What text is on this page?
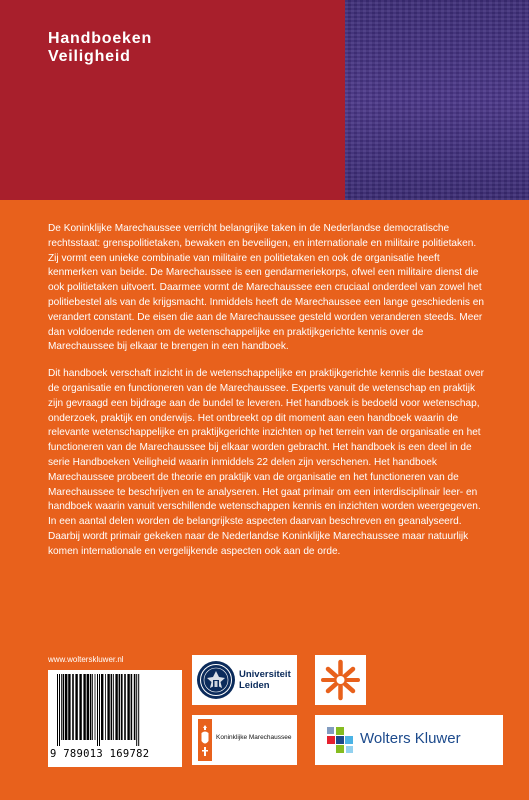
Handboeken
Veiligheid

De Koninklijke Marechaussee verricht belangrijke taken in de Nederlandse democratische rechtsstaat: grenspolitietaken, bewaken en beveiligen, en internationale en militaire politietaken. Zij vormt een unieke combinatie van militaire en politietaken en ook de organisatie heeft kenmerken van beide. De Marechaussee is een gendarmeriekorps, ofwel een militaire dienst die ook politietaken uitvoert. Daarmee vormt de Marechaussee een cruciaal onderdeel van zowel het politiebestel als van de krijgsmacht. Inmiddels heeft de Marechaussee een lange geschiedenis en verandert constant. De eisen die aan de Marechaussee gesteld worden veranderen steeds. Meer dan voldoende redenen om de wetenschappelijke en praktijkgerichte kennis over de Marechaussee bij elkaar te brengen in een handboek.

Dit handboek verschaft inzicht in de wetenschappelijke en praktijkgerichte kennis die bestaat over de organisatie en functioneren van de Marechaussee. Experts vanuit de wetenschap en praktijk zijn gevraagd een bijdrage aan de bundel te leveren. Het handboek is bedoeld voor wetenschap, onderzoek, praktijk en onderwijs. Het ontbreekt op dit moment aan een handboek waarin de relevante wetenschappelijke en praktijkgerichte inzichten op het terrein van de organisatie en het functioneren van de Marechaussee bij elkaar worden gebracht. Het handboek is een deel in de serie Handboeken Veiligheid waarin inmiddels 22 delen zijn verschenen. Het handboek Marechaussee probeert de theorie en praktijk van de organisatie en het functioneren van de Marechaussee te beschrijven en te analyseren. Het gaat primair om een interdisciplinair leer- en handboek waarin vanuit verschillende wetenschappen kennis en inzichten worden weergegeven. In een aantal delen worden de belangrijkste aspecten daarvan beschreven en geanalyseerd. Daarbij wordt primair gekeken naar de Nederlandse Koninklijke Marechaussee maar natuurlijk komen internationale en vergelijkende aspecten ook aan de orde.

www.wolterskluwer.nl
9 789013 169782
Universiteit
Leiden
Koninklijke Marechaussee	Wolters Kluwer
